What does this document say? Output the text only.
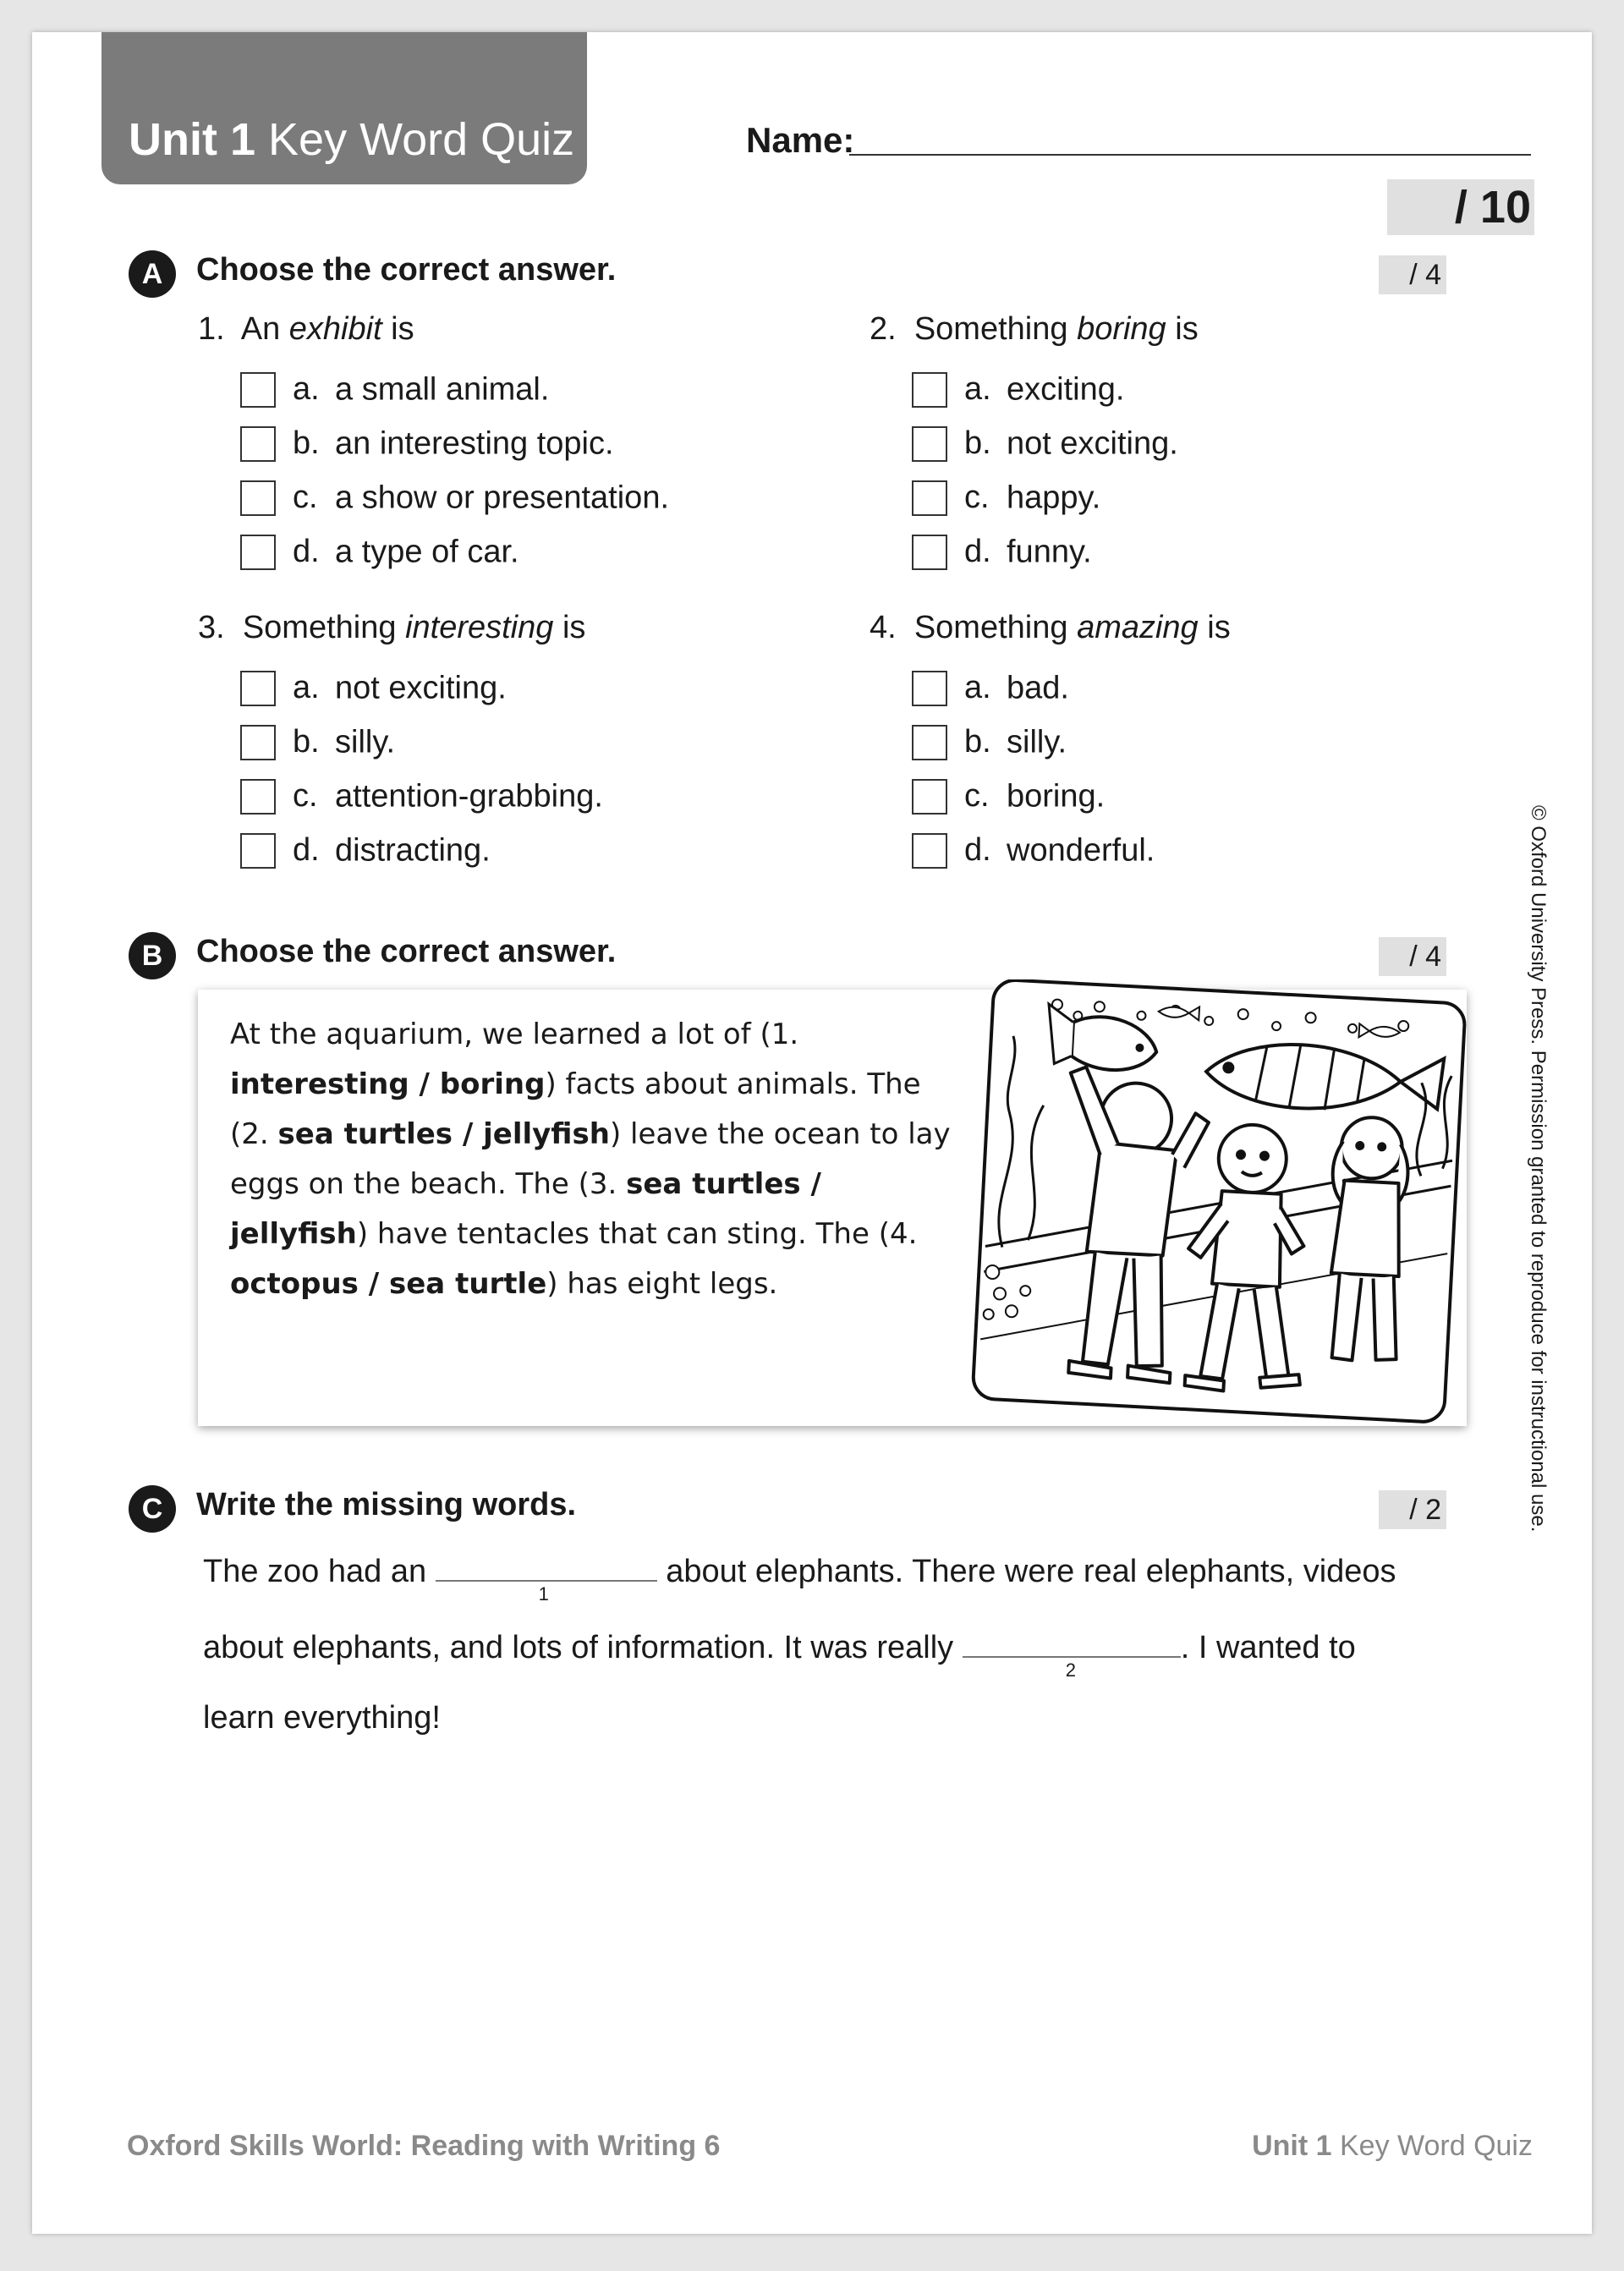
Unit 1 Key Word Quiz	Name:
/ 10
A	Choose the correct answer.	/ 4
1. An exhibit is
a. a small animal.
b. an interesting topic.
c. a show or presentation.
d. a type of car.
2. Something boring is
a. exciting.
b. not exciting.
c. happy.
d. funny.
3. Something interesting is
a. not exciting.
b. silly.
c. attention-grabbing.
d. distracting.
4. Something amazing is
a. bad.
b. silly.
c. boring.
d. wonderful.
B	Choose the correct answer.	/ 4
At the aquarium, we learned a lot of (1. interesting / boring) facts about animals. The (2. sea turtles / jellyfish) leave the ocean to lay eggs on the beach. The (3. sea turtles / jellyfish) have tentacles that can sting. The (4. octopus / sea turtle) has eight legs.
C	Write the missing words.	/ 2
The zoo had an
1
about elephants. There were real elephants, videos
about elephants, and lots of information. It was really
2
. I wanted to
learn everything!
© Oxford University Press. Permission granted to reproduce for instructional use.
Oxford Skills World: Reading with Writing 6	Unit 1 Key Word Quiz
